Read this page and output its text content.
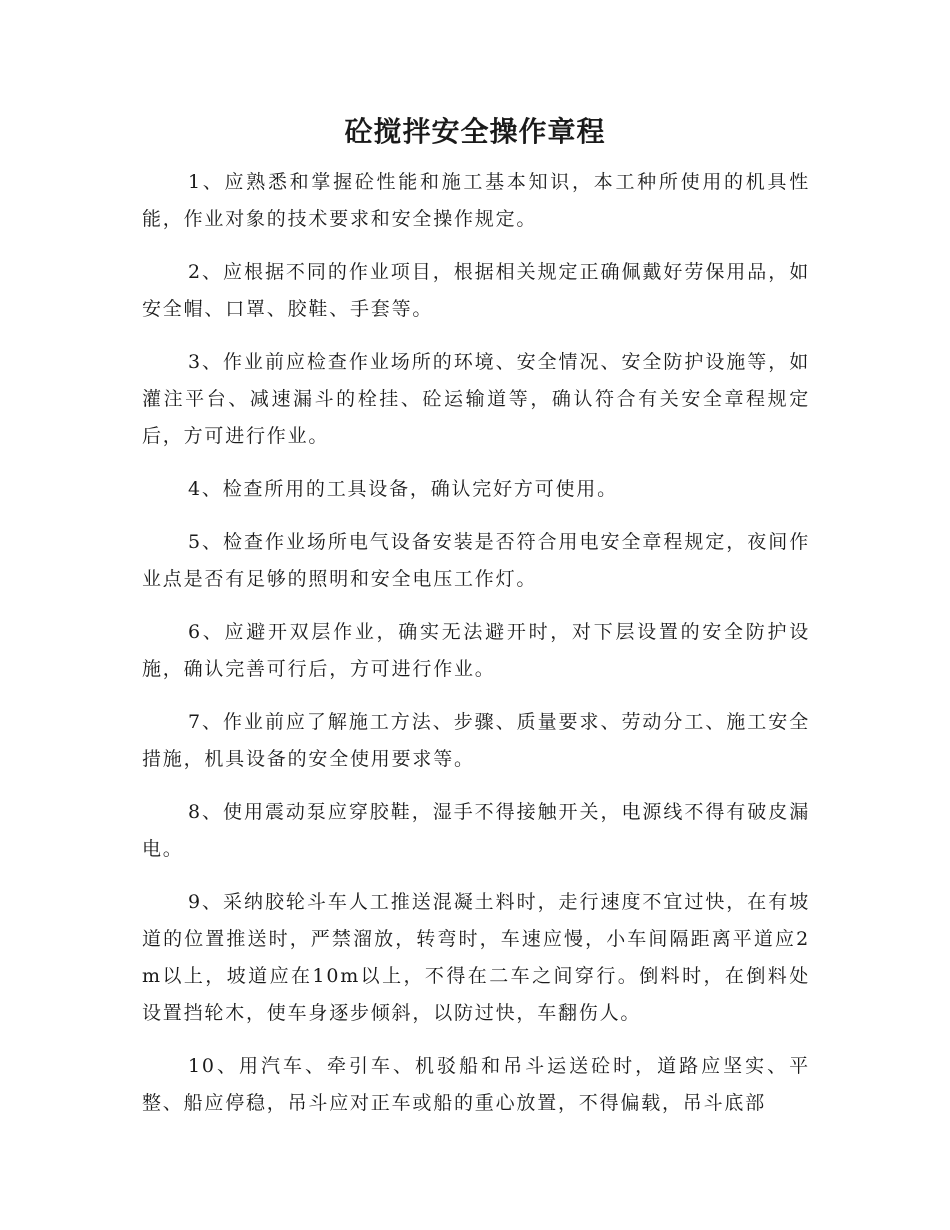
砼搅拌安全操作章程

1、应熟悉和掌握砼性能和施工基本知识，本工种所使用的机具性能，作业对象的技术要求和安全操作规定。

2、应根据不同的作业项目，根据相关规定正确佩戴好劳保用品，如安全帽、口罩、胶鞋、手套等。

3、作业前应检查作业场所的环境、安全情况、安全防护设施等，如灌注平台、减速漏斗的栓挂、砼运输道等，确认符合有关安全章程规定后，方可进行作业。

4、检查所用的工具设备，确认完好方可使用。

5、检查作业场所电气设备安装是否符合用电安全章程规定，夜间作业点是否有足够的照明和安全电压工作灯。

6、应避开双层作业，确实无法避开时，对下层设置的安全防护设施，确认完善可行后，方可进行作业。

7、作业前应了解施工方法、步骤、质量要求、劳动分工、施工安全措施，机具设备的安全使用要求等。

8、使用震动泵应穿胶鞋，湿手不得接触开关，电源线不得有破皮漏电。

9、采纳胶轮斗车人工推送混凝土料时，走行速度不宜过快，在有坡道的位置推送时，严禁溜放，转弯时，车速应慢，小车间隔距离平道应2m以上，坡道应在10m以上，不得在二车之间穿行。倒料时，在倒料处设置挡轮木，使车身逐步倾斜，以防过快，车翻伤人。

10、用汽车、牵引车、机驳船和吊斗运送砼时，道路应坚实、平整、船应停稳，吊斗应对正车或船的重心放置，不得偏载，吊斗底部
